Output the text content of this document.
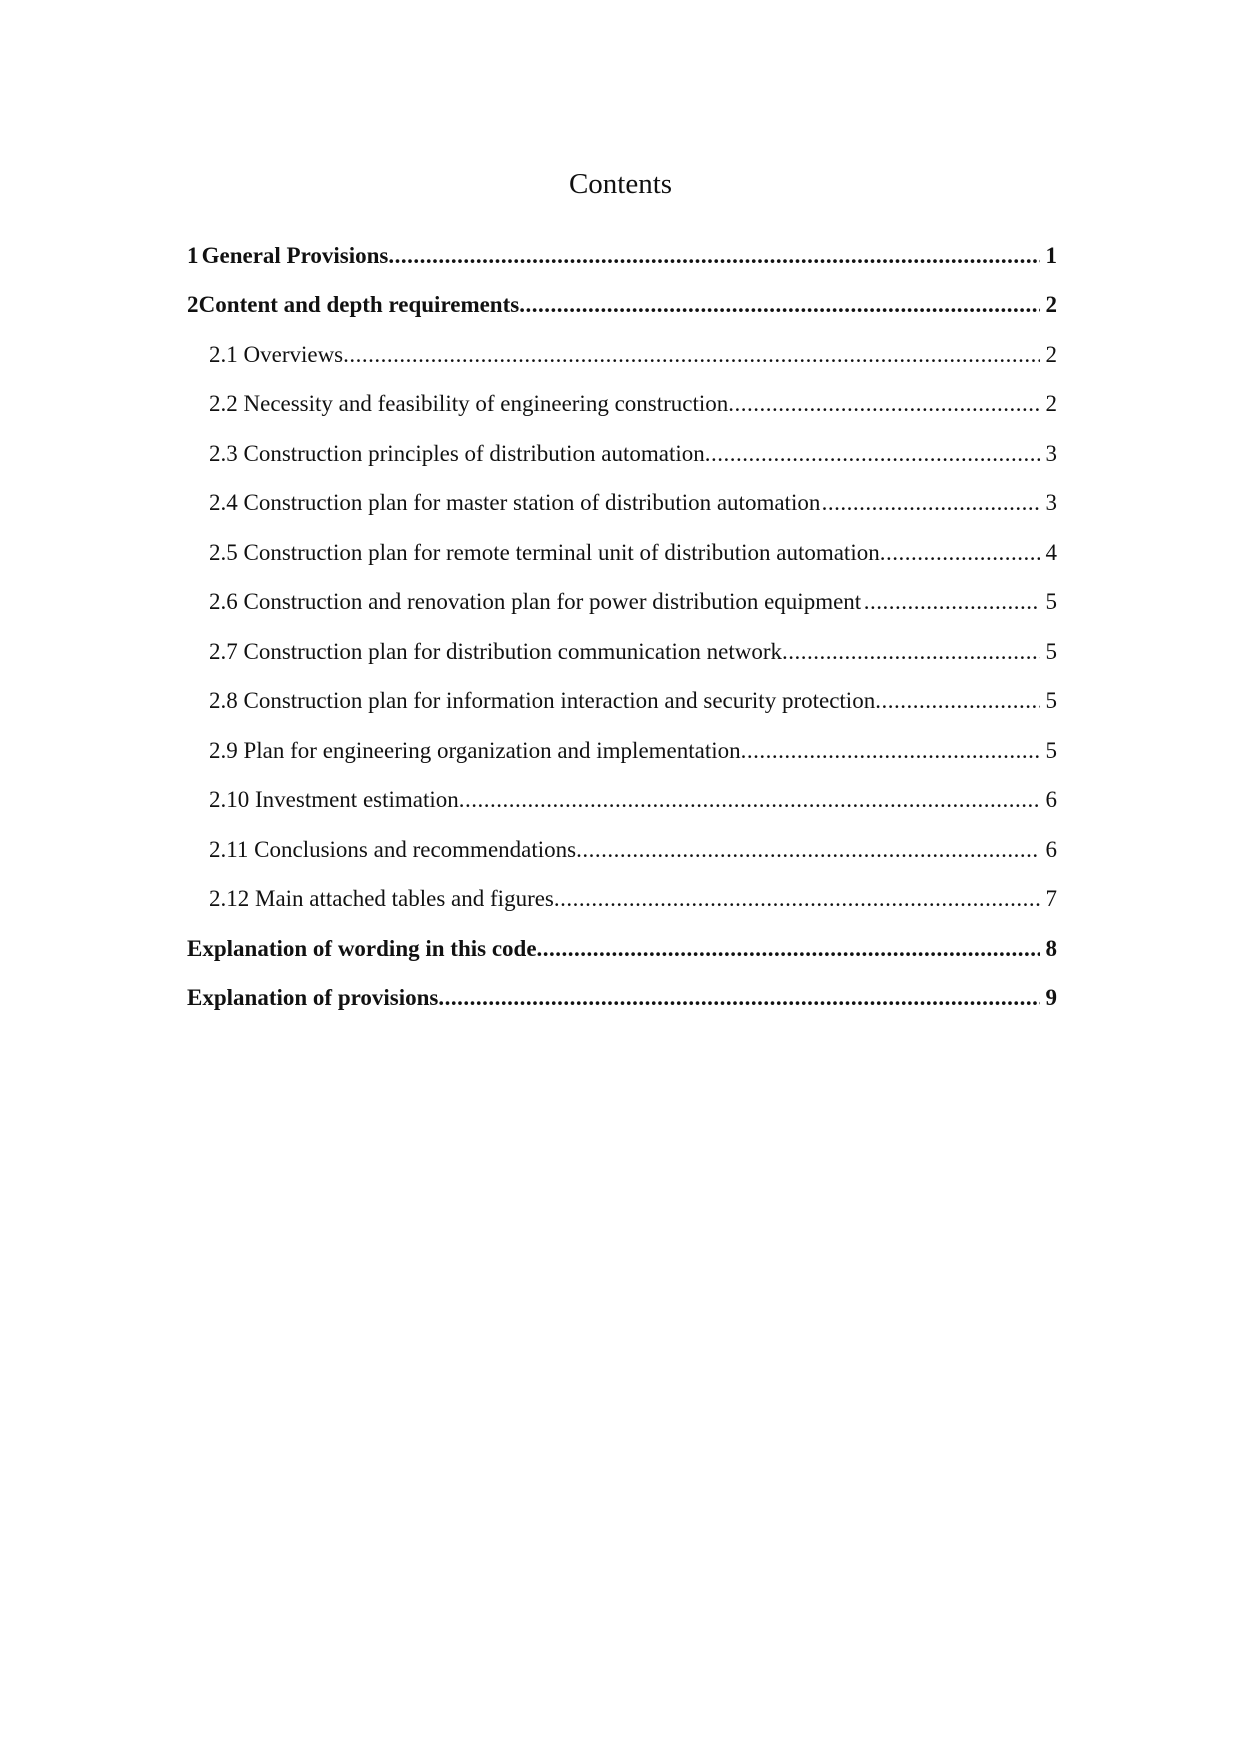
Contents
1 General Provisions .....	1
2 Content and depth requirements .....	2
2.1 Overviews .....	2
2.2 Necessity and feasibility of engineering construction .....	2
2.3 Construction principles of distribution automation .....	3
2.4 Construction plan for master station of distribution automation .....	3
2.5 Construction plan for remote terminal unit of distribution automation .....	4
2.6 Construction and renovation plan for power distribution equipment .....	5
2.7 Construction plan for distribution communication network .....	5
2.8 Construction plan for information interaction and security protection .....	5
2.9 Plan for engineering organization and implementation .....	5
2.10 Investment estimation .....	6
2.11 Conclusions and recommendations .....	6
2.12 Main attached tables and figures .....	7
Explanation of wording in this code .....	8
Explanation of provisions .....	9
